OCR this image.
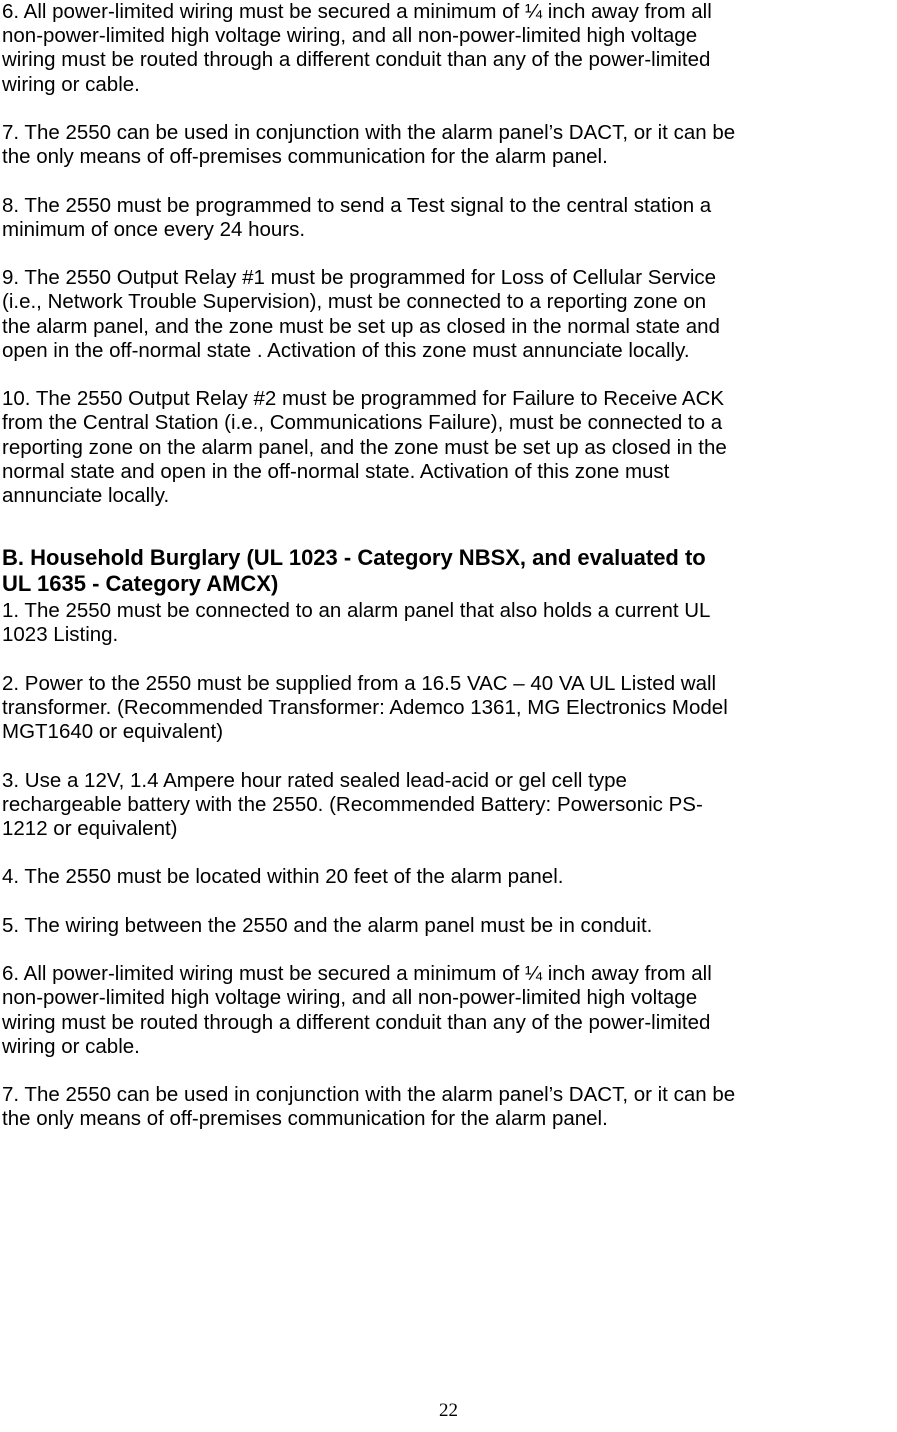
6. All power-limited wiring must be secured a minimum of ¼ inch away from all
non-power-limited high voltage wiring, and all non-power-limited high voltage
wiring must be routed through a different conduit than any of the power-limited
wiring or cable.

7. The 2550 can be used in conjunction with the alarm panel’s DACT, or it can be
the only means of off-premises communication for the alarm panel.

8. The 2550 must be programmed to send a Test signal to the central station a
minimum of once every 24 hours.

9. The 2550 Output Relay #1 must be programmed for Loss of Cellular Service
(i.e., Network Trouble Supervision), must be connected to a reporting zone on
the alarm panel, and the zone must be set up as closed in the normal state and
open in the off-normal state . Activation of this zone must annunciate locally.

10. The 2550 Output Relay #2 must be programmed for Failure to Receive ACK
from the Central Station (i.e., Communications Failure), must be connected to a
reporting zone on the alarm panel, and the zone must be set up as closed in the
normal state and open in the off-normal state. Activation of this zone must
annunciate locally.

B. Household Burglary (UL 1023 - Category NBSX, and evaluated to
UL 1635 - Category AMCX)

1. The 2550 must be connected to an alarm panel that also holds a current UL
1023 Listing.

2. Power to the 2550 must be supplied from a 16.5 VAC – 40 VA UL Listed wall
transformer. (Recommended Transformer: Ademco 1361, MG Electronics Model
MGT1640 or equivalent)

3. Use a 12V, 1.4 Ampere hour rated sealed lead-acid or gel cell type
rechargeable battery with the 2550. (Recommended Battery: Powersonic PS-
1212 or equivalent)

4. The 2550 must be located within 20 feet of the alarm panel.

5. The wiring between the 2550 and the alarm panel must be in conduit.

6. All power-limited wiring must be secured a minimum of ¼ inch away from all
non-power-limited high voltage wiring, and all non-power-limited high voltage
wiring must be routed through a different conduit than any of the power-limited
wiring or cable.

7. The 2550 can be used in conjunction with the alarm panel’s DACT, or it can be
the only means of off-premises communication for the alarm panel.

22
